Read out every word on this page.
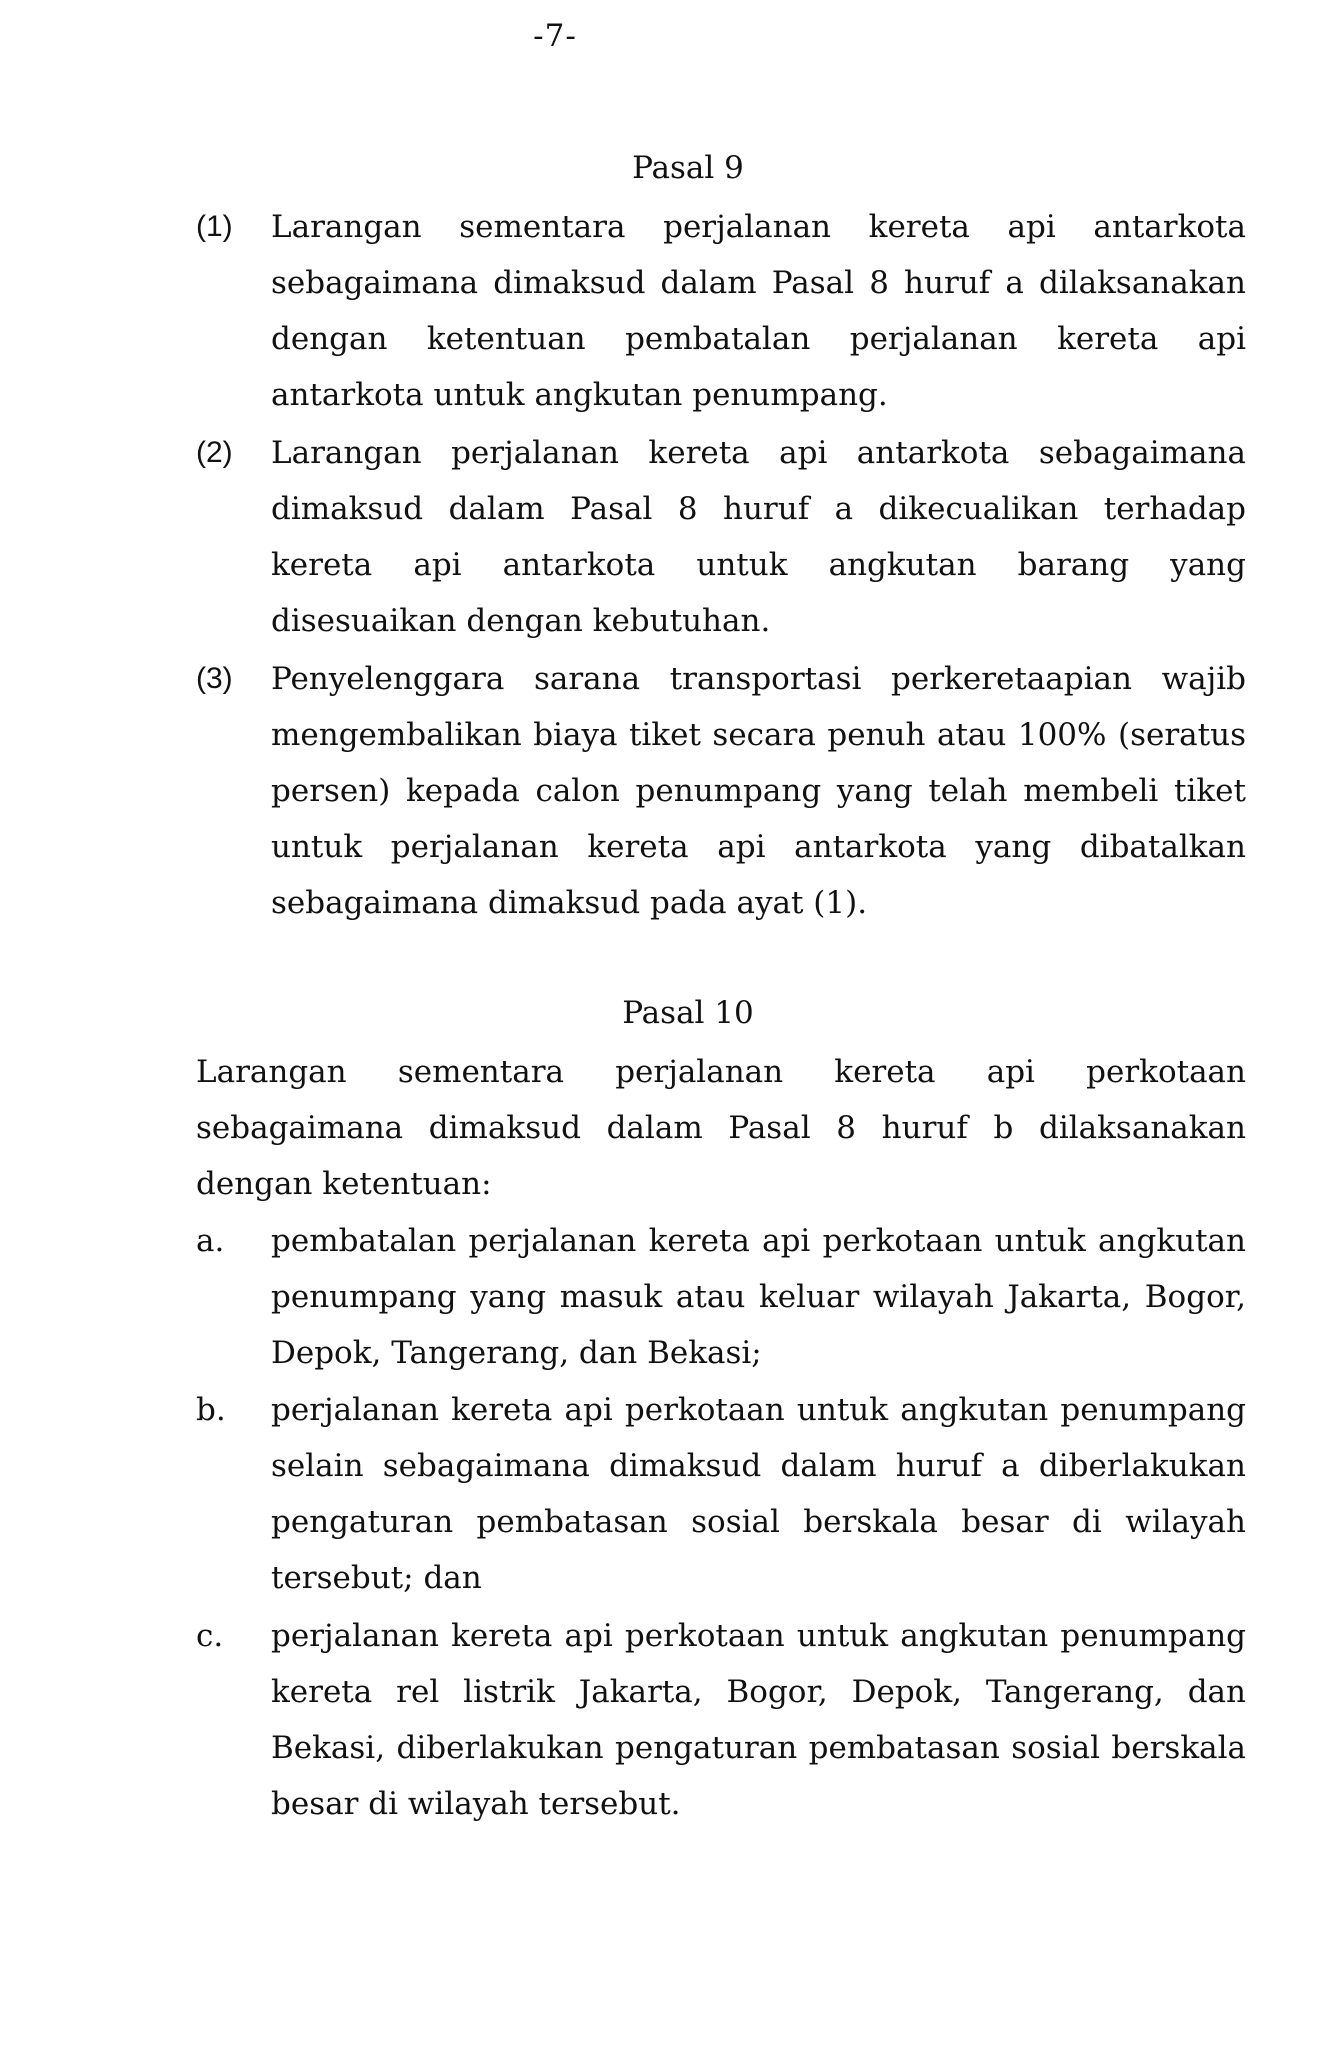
-7-
Pasal 9
(1) Larangan sementara perjalanan kereta api antarkota sebagaimana dimaksud dalam Pasal 8 huruf a dilaksanakan dengan ketentuan pembatalan perjalanan kereta api antarkota untuk angkutan penumpang.
(2) Larangan perjalanan kereta api antarkota sebagaimana dimaksud dalam Pasal 8 huruf a dikecualikan terhadap kereta api antarkota untuk angkutan barang yang disesuaikan dengan kebutuhan.
(3) Penyelenggara sarana transportasi perkeretaapian wajib mengembalikan biaya tiket secara penuh atau 100% (seratus persen) kepada calon penumpang yang telah membeli tiket untuk perjalanan kereta api antarkota yang dibatalkan sebagaimana dimaksud pada ayat (1).
Pasal 10
Larangan sementara perjalanan kereta api perkotaan sebagaimana dimaksud dalam Pasal 8 huruf b dilaksanakan dengan ketentuan:
a. pembatalan perjalanan kereta api perkotaan untuk angkutan penumpang yang masuk atau keluar wilayah Jakarta, Bogor, Depok, Tangerang, dan Bekasi;
b. perjalanan kereta api perkotaan untuk angkutan penumpang selain sebagaimana dimaksud dalam huruf a diberlakukan pengaturan pembatasan sosial berskala besar di wilayah tersebut; dan
c. perjalanan kereta api perkotaan untuk angkutan penumpang kereta rel listrik Jakarta, Bogor, Depok, Tangerang, dan Bekasi, diberlakukan pengaturan pembatasan sosial berskala besar di wilayah tersebut.
